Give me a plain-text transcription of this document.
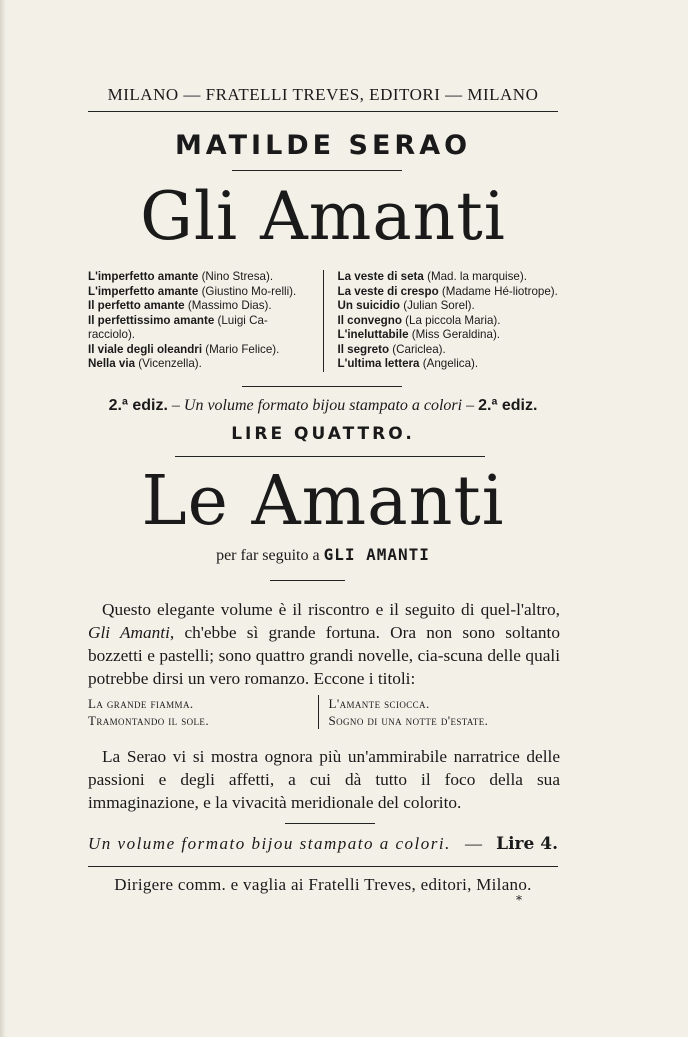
MILANO — FRATELLI TREVES, EDITORI — MILANO
MATILDE SERAO
Gli Amanti

L'imperfetto amante (Nino Stresa).

L'imperfetto amante (Giustino Mo-relli).

Il perfetto amante (Massimo Dias).

Il perfettissimo amante (Luigi Ca-racciolo).

Il viale degli oleandri (Mario Felice).

Nella via (Vicenzella).

La veste di seta (Mad. la marquise).

La veste di crespo (Madame Hé-liotrope).

Un suicidio (Julian Sorel).

Il convegno (La piccola Maria).

L'ineluttabile (Miss Geraldina).

Il segreto (Cariclea).

L'ultima lettera (Angelica).

2.ª ediz. – Un volume formato bijou stampato a colori – 2.ª ediz.
LIRE QUATTRO.
Le Amanti
per far seguito a GLI AMANTI
Questo elegante volume è il riscontro e il seguito di quel-l'altro, Gli Amanti, ch'ebbe sì grande fortuna. Ora non sono soltanto bozzetti e pastelli; sono quattro grandi novelle, cia-scuna delle quali potrebbe dirsi un vero romanzo. Eccone i titoli:
La grande fiamma.
Tramontando il sole.
L'amante sciocca.
Sogno di una notte d'estate.
La Serao vi si mostra ognora più un'ammirabile narratrice delle passioni e degli affetti, a cui dà tutto il foco della sua immaginazione, e la vivacità meridionale del colorito.
Un volume formato bijou stampato a colori. — Lire 4.
Dirigere comm. e vaglia ai Fratelli Treves, editori, Milano.
*
